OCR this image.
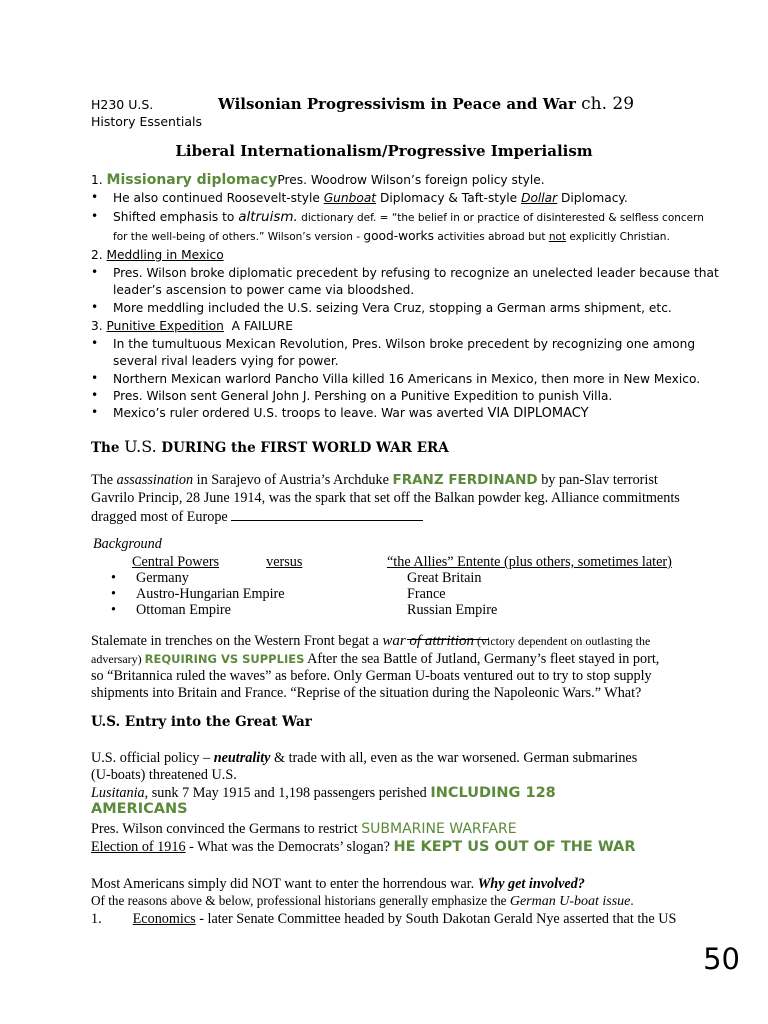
H230 U.S.
History Essentials
Wilsonian Progressivism in Peace and War ch. 29
Liberal Internationalism/Progressive Imperialism
1. Missionary diplomacyPres. Woodrow Wilson’s foreign policy style.
• He also continued Roosevelt-style Gunboat Diplomacy & Taft-style Dollar Diplomacy.
• Shifted emphasis to altruism. dictionary def. = “the belief in or practice of disinterested & selfless concern
for the well-being of others.” Wilson’s version - good-works activities abroad but not explicitly Christian.
2. Meddling in Mexico
• Pres. Wilson broke diplomatic precedent by refusing to recognize an unelected leader because that
leader’s ascension to power came via bloodshed.
• More meddling included the U.S. seizing Vera Cruz, stopping a German arms shipment, etc.
3. Punitive Expedition A FAILURE
• In the tumultuous Mexican Revolution, Pres. Wilson broke precedent by recognizing one among
several rival leaders vying for power.
• Northern Mexican warlord Pancho Villa killed 16 Americans in Mexico, then more in New Mexico.
• Pres. Wilson sent General John J. Pershing on a Punitive Expedition to punish Villa.
• Mexico’s ruler ordered U.S. troops to leave. War was averted VIA DIPLOMACY
The U.S. DURING the FIRST WORLD WAR ERA
The assassination in Sarajevo of Austria’s Archduke FRANZ FERDINAND by pan-Slav terrorist
Gavrilo Princip, 28 June 1914, was the spark that set off the Balkan powder keg. Alliance commitments
dragged most of Europe
Background
Central Powers	versus	“the Allies” Entente (plus others, sometimes later)
• Germany
• Austro-Hungarian Empire
• Ottoman Empire
Great Britain
France
Russian Empire
Stalemate in trenches on the Western Front begat a war of attrition (victory dependent on outlasting the
adversary) REQUIRING VS SUPPLIES After the sea Battle of Jutland, Germany’s fleet stayed in port,
so “Britannica ruled the waves” as before. Only German U-boats ventured out to try to stop supply
shipments into Britain and France. “Reprise of the situation during the Napoleonic Wars.” What?
U.S. Entry into the Great War
U.S. official policy – neutrality & trade with all, even as the war worsened. German submarines
(U-boats) threatened U.S.
Lusitania, sunk 7 May 1915 and 1,198 passengers perished INCLUDING 128
AMERICANS
Pres. Wilson convinced the Germans to restrict SUBMARINE WARFARE
Election of 1916 - What was the Democrats’ slogan? HE KEPT US OUT OF THE WAR
Most Americans simply did NOT want to enter the horrendous war. Why get involved?
Of the reasons above & below, professional historians generally emphasize the German U-boat issue.
1. Economics - later Senate Committee headed by South Dakotan Gerald Nye asserted that the US
50
